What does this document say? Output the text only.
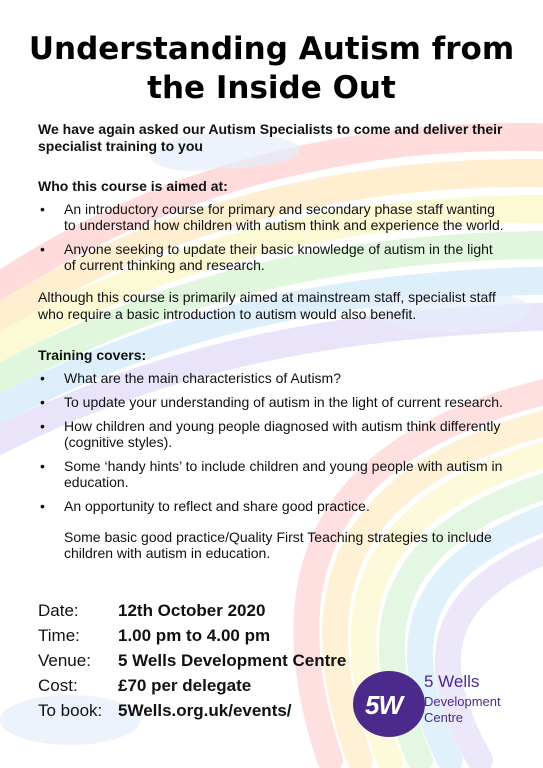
Understanding Autism from
the Inside Out

We have again asked our Autism Specialists to come and deliver their specialist training to you

Who this course is aimed at:

• An introductory course for primary and secondary phase staff wanting to understand how children with autism think and experience the world.
• Anyone seeking to update their basic knowledge of autism in the light of current thinking and research.

Although this course is primarily aimed at mainstream staff, specialist staff who require a basic introduction to autism would also benefit.

Training covers:

• What are the main characteristics of Autism?
• To update your understanding of autism in the light of current research.
• How children and young people diagnosed with autism think differently (cognitive styles).
• Some ‘handy hints’ to include children and young people with autism in education.
• An opportunity to reflect and share good practice.

Some basic good practice/Quality First Teaching strategies to include children with autism in education.

Date:	12th October 2020
Time:	1.00 pm to 4.00 pm
Venue:	5 Wells Development Centre
Cost:	£70 per delegate
To book: 5Wells.org.uk/events/	5W
5 Wells
Development
Centre
